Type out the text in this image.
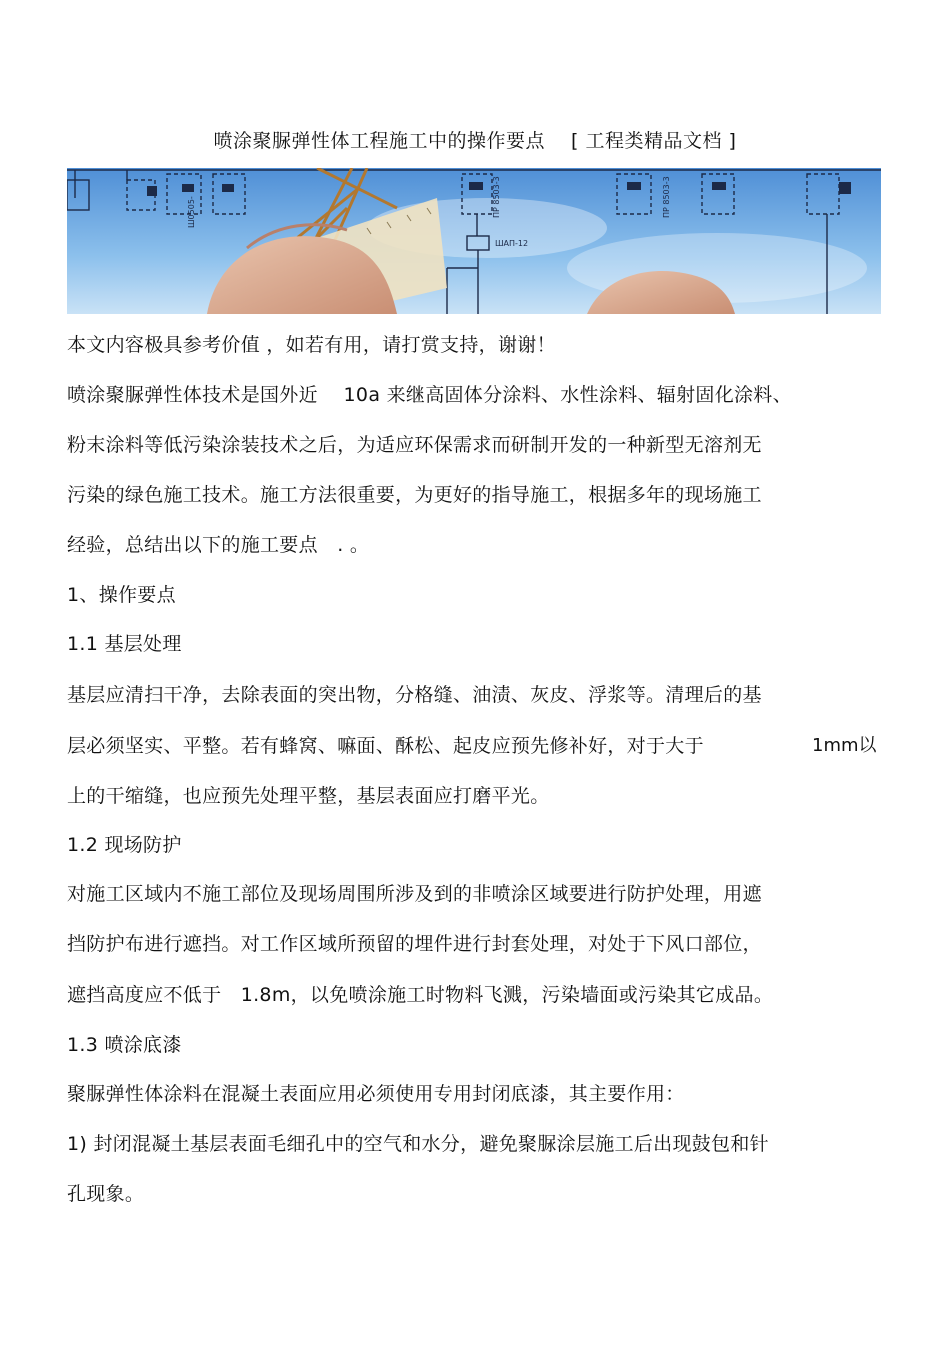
喷涂聚脲弹性体工程施工中的操作要点 [ 工程类精品文档 ]
Ш0505-	ПР 8503-3
ШАП-12
ПР 8503-3
本文内容极具参考价值 ，如若有用，请打赏支持，谢谢！
喷涂聚脲弹性体技术是国外近　 10a 来继高固体分涂料、水性涂料、辐射固化涂料、
粉末涂料等低污染涂装技术之后，为适应环保需求而研制开发的一种新型无溶剂无
污染的绿色施工技术。施工方法很重要，为更好的指导施工，根据多年的现场施工
经验，总结出以下的施工要点　. 。
1、操作要点
1.1 基层处理
基层应清扫干净，去除表面的突出物，分格缝、油渍、灰皮、浮浆等。清理后的基
层必须坚实、平整。若有蜂窝、嘛面、酥松、起皮应预先修补好，对于大于	1mm以
上的干缩缝，也应预先处理平整，基层表面应打磨平光。
1.2 现场防护
对施工区域内不施工部位及现场周围所涉及到的非喷涂区域要进行防护处理，用遮
挡防护布进行遮挡。对工作区域所预留的埋件进行封套处理，对处于下风口部位，
遮挡高度应不低于　1.8m，以免喷涂施工时物料飞溅，污染墙面或污染其它成品。
1.3 喷涂底漆
聚脲弹性体涂料在混凝土表面应用必须使用专用封闭底漆，其主要作用：
1) 封闭混凝土基层表面毛细孔中的空气和水分，避免聚脲涂层施工后出现鼓包和针
孔现象。
